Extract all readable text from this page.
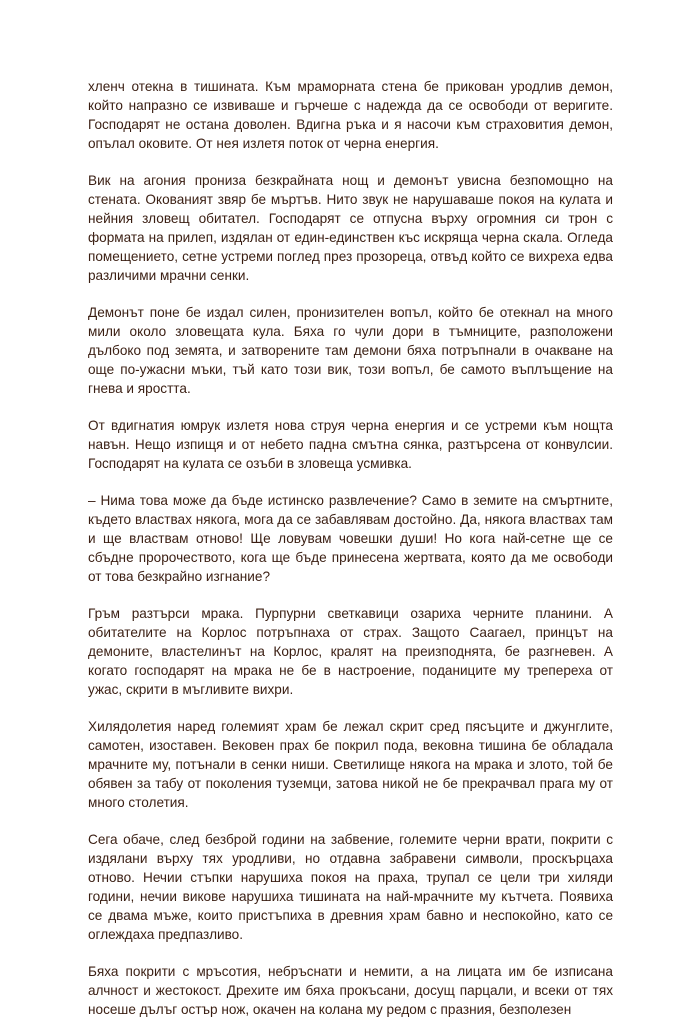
хленч отекна в тишината. Към мраморната стена бе прикован уродлив демон, който напразно се извиваше и гърчеше с надежда да се освободи от веригите. Господарят не остана доволен. Вдигна ръка и я насочи към страховития демон, опълал оковите. От нея излетя поток от черна енергия.

Вик на агония прониза безкрайната нощ и демонът увисна безпомощно на стената. Окованият звяр бе мъртъв. Нито звук не нарушаваше покоя на кулата и нейния зловещ обитател. Господарят се отпусна върху огромния си трон с формата на прилеп, издялан от един-единствен къс искряща черна скала. Огледа помещението, сетне устреми поглед през прозореца, отвъд който се вихреха едва различими мрачни сенки.

Демонът поне бе издал силен, пронизителен вопъл, който бе отекнал на много мили около зловещата кула. Бяха го чули дори в тъмниците, разположени дълбоко под земята, и затворените там демони бяха потръпнали в очакване на още по-ужасни мъки, тъй като този вик, този вопъл, бе самото въплъщение на гнева и яростта.

От вдигнатия юмрук излетя нова струя черна енергия и се устреми към нощта навън. Нещо изпищя и от небето падна смътна сянка, разтърсена от конвулсии. Господарят на кулата се озъби в зловеща усмивка.

– Нима това може да бъде истинско развлечение? Само в земите на смъртните, където властвах някога, мога да се забавлявам достойно. Да, някога властвах там и ще властвам отново! Ще ловувам човешки души! Но кога най-сетне ще се сбъдне пророчеството, кога ще бъде принесена жертвата, която да ме освободи от това безкрайно изгнание?

Гръм разтърси мрака. Пурпурни светкавици озариха черните планини. А обитателите на Корлос потръпнаха от страх. Защото Саагаел, принцът на демоните, властелинът на Корлос, кралят на преизподнята, бе разгневен. А когато господарят на мрака не бе в настроение, поданиците му трепереха от ужас, скрити в мъгливите вихри.

Хилядолетия наред големият храм бе лежал скрит сред пясъците и джунглите, самотен, изоставен. Вековен прах бе покрил пода, вековна тишина бе обладала мрачните му, потънали в сенки ниши. Светилище някога на мрака и злото, той бе обявен за табу от поколения туземци, затова никой не бе прекрачвал прага му от много столетия.

Сега обаче, след безброй години на забвение, големите черни врати, покрити с издялани върху тях уродливи, но отдавна забравени символи, проскърцаха отново. Нечии стъпки нарушиха покоя на праха, трупал се цели три хиляди години, нечии викове нарушиха тишината на най-мрачните му кътчета. Появиха се двама мъже, които пристъпиха в древния храм бавно и неспокойно, като се оглеждаха предпазливо.

Бяха покрити с мръсотия, небръснати и немити, а на лицата им бе изписана алчност и жестокост. Дрехите им бяха прокъсани, досущ парцали, и всеки от тях носеше дълъг остър нож, окачен на колана му редом с празния, безполезен
